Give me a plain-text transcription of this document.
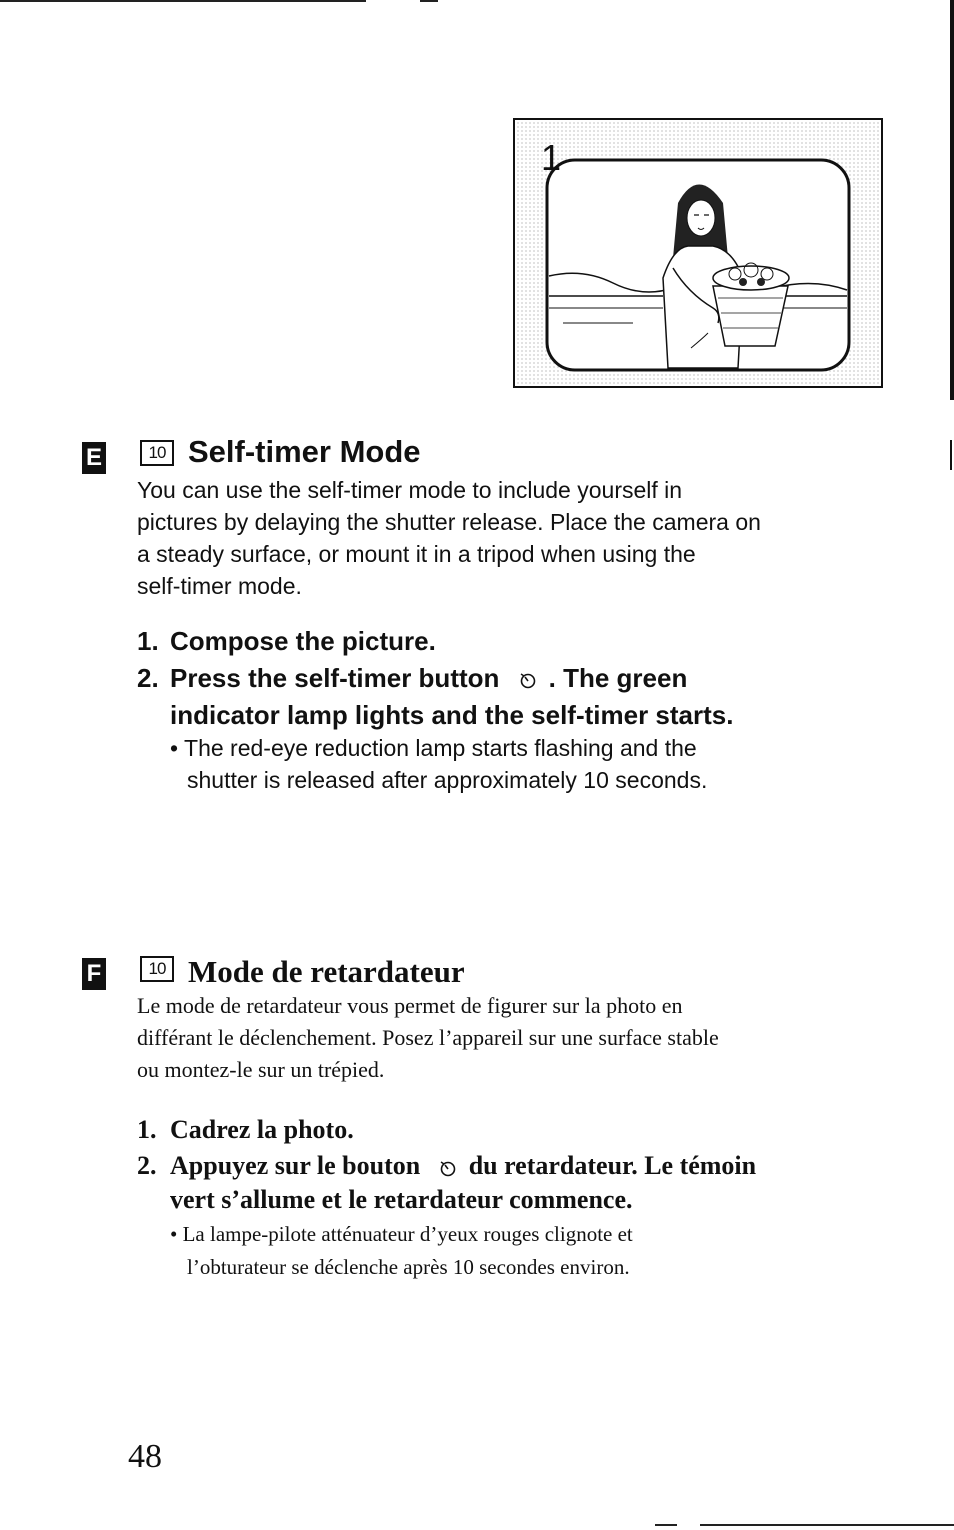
1
E	10 Self-timer Mode
You can use the self-timer mode to include yourself in
pictures by delaying the shutter release. Place the camera on
a steady surface, or mount it in a tripod when using the
self-timer mode.
1. Compose the picture.
2. Press the self-timer button . The green
indicator lamp lights and the self-timer starts.
• The red-eye reduction lamp starts flashing and the
shutter is released after approximately 10 seconds.
F	10 Mode de retardateur
Le mode de retardateur vous permet de figurer sur la photo en
différant le déclenchement. Posez l’appareil sur une surface stable
ou montez-le sur un trépied.
1. Cadrez la photo.
2. Appuyez sur le bouton du retardateur. Le témoin
vert s’allume et le retardateur commence.
• La lampe-pilote atténuateur d’yeux rouges clignote et
l’obturateur se déclenche après 10 secondes environ.
48
